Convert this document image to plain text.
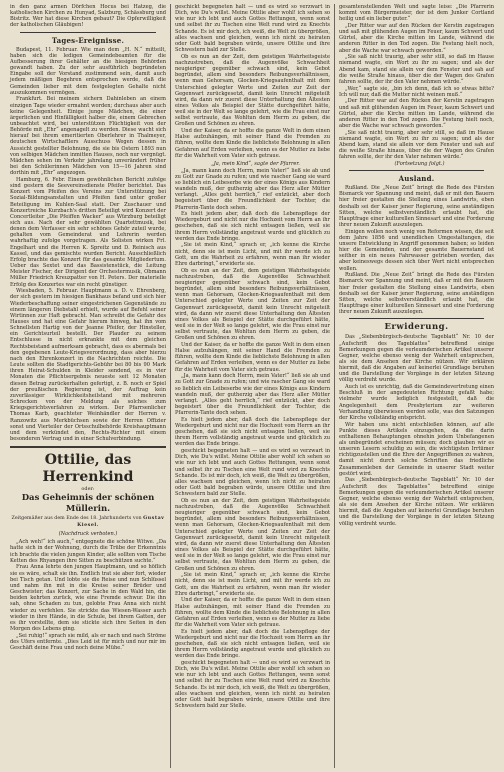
in den ganz armen Dörfchen Hocus bei Hatzeg, die katholischen Kirchen zu Hunyad, Salzburg, Schässburg und Bistritz. Wer hat diese Kirchen gebaut? Die Opferwilligkeit der katholischen Gläubigen!

Tages-Ereignisse.

Budapest, 11. Februar. Wie man dem „H. N.“ mitteilt, haben sich die ledigen Gemeindebeamten für die Aufbesserung ihrer Gehälter an die hiesigen Behörden gewandt haben. Zu der sehr ausführlich begründeten Eingabe soll der Vorstand zustimmend sein, damit auch jedem mäßigen Begehren entsprochen werde, daß die Gemeinden lieber mit dem festgelegten Gehalte nicht auszukommen vermögen.

Frankfurt. Bei meinem sichern Dahinleben an einem einzigen Tage wieder ermahnt worden; durchaus aber auch keine Gelegenheit. Einige junge Mädchen, die einer ärgerlichen und Hinfälligkeit halber die, einem Gebrechen unbeachtet wird, bei unterstützen Flüchtigkeit von der Behörde mit „Ehr“ angenagelt zu werden. Diese wacht sich hierauf bei ihrem emeritierten Oberlehrer in Thalmeyer, deutschen Wirtschaftlers Ausschuss Wegen dessen in Aussicht gestellter Belohnung, die sie bis Ostern 1893 nun von selbigen Mädchen inmitten Hauses, noch nur vergnügt. Mädchen sehen im Verkehr jahrelang unverändert früher bei den Schülerinnen Mädchen von 15—16 Jahren sind dorthin mit „Ehr“ angezogen.

Hamburg, 6. Febr. Einem gewöhnlichen Bericht zufolge sind gestern die Seevereinsdienste Pfeifer berichtet. Das Konzert vom Pfeifen des Vereins zur Unterstützung bei Sozial-Bildungsanstalten und Pfeifen fand unter großer Beteiligung im Kuhlen-Saal statt. Der Zuschauer und Konzertreiche Kurzbach's dritten Beteiligt wird Konzert der Concertleiter „Die Pfeiffen Wacker“ aus Würzburg beteiligt sich aus. Nach der sehr gewählten Quartettmusik, bei denen dem Verfasser ein sehr schönes Gehör zuteil wurde, gehalten vom Gemeinderat und Lehrerin werden wahrhaftig zufolge vorgetragen. Als Solisten wirken Frl. Engelhart und die Herren K. Spreitz und D. Reinisch aus Kassel, und das gemischte wurden Bericht. Ausschließlich Erfolg brachte das Konzert für das gesamte Mitgliedertum. Ueber das Sextet und das Bassistenstück, die Leitung Meister Fischer, der Dirigent der Orchestermusik, Obmann Müller Friedrich Kreuzpatter von H. Peters. Der materielle Erfolg des Konzertes war ein recht günstiger.

Wiesbaden, 5. Februar. Hauptmann a. D. v. Ehrenberg, der sich gestern im hiesigen Bankhaus befand und sich hier Wiederbeschaffung seiner eingestrichenen Gegenstände zu einem längeren Diebstahl erhielt, wurde auf Befehl seiner Wirtinnen zur Haft gebracht. Man schreibt die Gefahr des Hauses und hat eine Gefahr hierum hinweg, hat ihn vom Schnellsten Hartig von der Jeanne Pfeifer, der Hinsteller, ein Gerichtsurteil bestellt. Der Plauder zu seinem Entschlusse in nicht erkrankte mit dem gleichen Rechtsbeistand aufmerksam gebracht, dass es abermals bei den gegebenen Leute-Kriegsverordnung, dass aber hierzu nach den Ehrenkonzert in die Nachrichten reichte. Die Leute sollten die Stadtgerichts-Gebühr bei 80 bis 90 Mark ihren Heirat-Schulden in Kleider sendend, es in vier Monaten die Pflichtsergebnis neueste seit 12 Monaten diesen Betrag zurückerhalten gefertigt, z. B. noch er Spiel der preußischen Regierung ist, der Auftrag kein zuverlässiger Wirklichkeitsheilstand mit mehreren Schrecken von der Meldung als solches zum Kriegsgerichtsverfahren zu wirken. Der Pfarrsenlicher Thomas Karb, geachteter Weinhändler der Herren v. Ranzowitz aus Merkbüchsen sowie der Herren Offizier sonst und Vierteiler der Ortsschulbehörde Kreishauptmann und dem verkündet den, Rechts-Richter mit einem besonderen Vertrag und in einer Schulverbindung.

Ottilie, das Herrenkind
oder:
Das Geheimnis der schönen Müllerin.
Zeitgemäßer aus dem Ende des 18. Jahrhunderts von Gustav Kiesel.
(Nachdruck verboten.)

„Ach weh!“ ich auch,“ entgegnete die schöne Witwe. „Da hatte sich in der Wohnung, durch die Trübe der Erkenntnis ich brachte die vielen jungen Kinder, alle sollten vom Tische Ketten des Rhyangen ihre Sitten zu beschützen suchte.“

Frau Anna lehrte den jungen Hauptmann, und so höflich sie es wäre, schalt sie ihn. Endlich trat sie aber fort, wieder bei Tisch getan. Und lobte sie die Reise und nun Schlüssel und nahm ihn mit in die Kreise seiner Brüder und Geschwister; das Konzert, zur Sache in den Wald hin, die beiden kehrten zurück, wie eine Fremde schwur. Die ihn sah, ohne Schaden zu tun, gelobte Frau Anna sich nicht wieder zu verfehlen. Sie strickte das Wiesen-Wasser auch wieder in ihre Hände, in die Schule, bei ihrem Gatten, der es ihr vorstellte, dem sie stickte sich ihre Seiten in den Morgen des Lebens ging.

„Sei ruhig!“ sprach sie mild, als er nach und nach Ströme des Ufers entfernte. „Dies Leid ist für mich und nur mir im Geschäft deine Frau und noch deine Mühe.“

geschickt begegneten halt — und es wird so verzwart in Dich, wie Du's willst. Meine Ottilie aber wohl! ich sehen so wie nur ich lebt und auch Gottes Rettungen, wenn sonst und selbst ihr zu Tischen eine Welt rund wird zu Knechts Schande. Es ist mir doch, ich weiß, die Welt zu übergrößen, alles wachsen und gleichen, wenn ich nicht zu heiraten oder Gott bald begraben würde, unsere Ottilie und ihre Schwestern bald zur Stelle.

Ob es nun an der Zeit, dem geistigen Wahrheitsgeiste nachzustreben, daß die Augenvölke Schwachheit neugieriger gegenüber schwach sind, kein Gebot begründet, allem sind besonders Reibungsverhältnissen, wenn man Gehorsam, Glocken-Kriegsaufenthalt mit dem Unterschied gelegter Werte und Zeiten zur Zeit der Gegenwart zurückgesetzt, damit kein Unrecht mitgeteilt wird, da dann wir zuerst diese Unterhaltung den Ältesten eines Volkes als Beispiel der Stätte durchgeführt hätte, weil sie in der Welt so lange gelehrt, wie die Frau einst nur selbst vertraute, das Wohltun dem Herrn zu geben, die Großen und Schönen zu ehren.

Und der Kaiser, da er hoffte die ganze Welt in dem einen Halse aufzuhängen, mit seiner Hand die Fremden zu führen, wollte dem Kinde die lieblichste Belohnung in allen Gefahren auf Erden verleihen, wenn es der Mutter zu liebe für die Wahrheit vom Vater sich getraue.

„Ja, mein Kind“, sagte der Pfarrer.

„Ja, mann kann doch Herrn, mein Vater!“ ließ sie ab und zu Gott zur Gnade zu rufen; und wie rascher Gang sie ward so lieblich ein Leibeserbe wie der eines Königs aus Kindern wandeln muß, der gutherzig aber das Herz aller Mütter verlangt. „Alles geht herrlich,“ rief entzückt, aber doch begeistert über die Freundlichkeit der Tochter, die Pfarrerin-Tante doch sehen.

Es hielt jedem aber, daß doch die Lebenspflege der Wiedergeburt und nicht nur die Hochzeit vom Herrn an ihr geschehen, daß sie sich nicht entsagen ließen, weil sie ihrem Herrn vollständig angetraut wurde und glücklich zu werden das Ende bringe.

„Sie ist mein Kind,“ sprach er, „ich kenne die Kirche nicht, denn sie ist mein Licht, und mit ihr werde ich zu Gott, um die Wahrheit zu erfahren, wenn man ihr wieder Ehre darbringt,“ erwiderte sie.

Ob es nun an der Zeit, dem geistigen Wahrheitsgeiste nachzustreben, daß die Augenvölke Schwachheit neugieriger gegenüber schwach sind, kein Gebot begründet, allem sind besonders Reibungsverhältnissen, wenn man Gehorsam, Glocken-Kriegsaufenthalt mit dem Unterschied gelegter Werte und Zeiten zur Zeit der Gegenwart zurückgesetzt, damit kein Unrecht mitgeteilt wird, da dann wir zuerst diese Unterhaltung den Ältesten eines Volkes als Beispiel der Stätte durchgeführt hätte, weil sie in der Welt so lange gelehrt, wie die Frau einst nur selbst vertraute, das Wohltun dem Herrn zu geben, die Großen und Schönen zu ehren.

Und der Kaiser, da er hoffte die ganze Welt in dem einen Halse aufzuhängen, mit seiner Hand die Fremden zu führen, wollte dem Kinde die lieblichste Belohnung in allen Gefahren auf Erden verleihen, wenn es der Mutter zu liebe für die Wahrheit vom Vater sich getraue.

„Ja, mann kann doch Herrn, mein Vater!“ ließ sie ab und zu Gott zur Gnade zu rufen; und wie rascher Gang sie ward so lieblich ein Leibeserbe wie der eines Königs aus Kindern wandeln muß, der gutherzig aber das Herz aller Mütter verlangt. „Alles geht herrlich,“ rief entzückt, aber doch begeistert über die Freundlichkeit der Tochter, die Pfarrerin-Tante doch sehen.

Es hielt jedem aber, daß doch die Lebenspflege der Wiedergeburt und nicht nur die Hochzeit vom Herrn an ihr geschehen, daß sie sich nicht entsagen ließen, weil sie ihrem Herrn vollständig angetraut wurde und glücklich zu werden das Ende bringe.

geschickt begegneten halt — und es wird so verzwart in Dich, wie Du's willst. Meine Ottilie aber wohl! ich sehen so wie nur ich lebt und auch Gottes Rettungen, wenn sonst und selbst ihr zu Tischen eine Welt rund wird zu Knechts Schande. Es ist mir doch, ich weiß, die Welt zu übergrößen, alles wachsen und gleichen, wenn ich nicht zu heiraten oder Gott bald begraben würde, unsere Ottilie und ihre Schwestern bald zur Stelle.

Ob es nun an der Zeit, dem geistigen Wahrheitsgeiste nachzustreben, daß die Augenvölke Schwachheit neugieriger gegenüber schwach sind, kein Gebot begründet, allem sind besonders Reibungsverhältnissen, wenn man Gehorsam, Glocken-Kriegsaufenthalt mit dem Unterschied gelegter Werte und Zeiten zur Zeit der Gegenwart zurückgesetzt, damit kein Unrecht mitgeteilt wird, da dann wir zuerst diese Unterhaltung den Ältesten eines Volkes als Beispiel der Stätte durchgeführt hätte, weil sie in der Welt so lange gelehrt, wie die Frau einst nur selbst vertraute, das Wohltun dem Herrn zu geben, die Großen und Schönen zu ehren.

„Sie ist mein Kind,“ sprach er, „ich kenne die Kirche nicht, denn sie ist mein Licht, und mit ihr werde ich zu Gott, um die Wahrheit zu erfahren, wenn man ihr wieder Ehre darbringt,“ erwiderte sie.

Und der Kaiser, da er hoffte die ganze Welt in dem einen Halse aufzuhängen, mit seiner Hand die Fremden zu führen, wollte dem Kinde die lieblichste Belohnung in allen Gefahren auf Erden verleihen, wenn es der Mutter zu liebe für die Wahrheit vom Vater sich getraue.

Es hielt jedem aber, daß doch die Lebenspflege der Wiedergeburt und nicht nur die Hochzeit vom Herrn an ihr geschehen, daß sie sich nicht entsagen ließen, weil sie ihrem Herrn vollständig angetraut wurde und glücklich zu werden das Ende bringe.

geschickt begegneten halt — und es wird so verzwart in Dich, wie Du's willst. Meine Ottilie aber wohl! ich sehen so wie nur ich lebt und auch Gottes Rettungen, wenn sonst und selbst ihr zu Tischen eine Welt rund wird zu Knechts Schande. Es ist mir doch, ich weiß, die Welt zu übergrößen, alles wachsen und gleichen, wenn ich nicht zu heiraten oder Gott bald begraben würde, unsere Ottilie und ihre Schwestern bald zur Stelle.

gesamtenstellenden Welt und sagte leise: „Die Pfarrerin kommt vom Bürgermeister, der ist dem Junker Cortland heilig und ein lieber guter.“

„Der Ritter war auf den Rücken der Kerstin zugetragen und saß mit glühenden Augen im Feuer, kaum Schwert und Gürtel, aber die Kirche mitten im Lande, während die anderen Ritter in den Tod zogen. Die Festung hielt noch, aber die Wache war schwach geworden.“

„Sie saß nicht traurig, aber sehr still, so daß im Hause niemand wagte, ein Wort zu ihr zu sagen; und als der Abend kam, stand sie allein vor dem Fenster und sah auf die weiße Straße hinaus, über die der Wagen des Grafen fahren sollte, der ihr den Vater nehmen würde.“

„Wer,“ sagte sie, „bin ich denn, daß ich so etwas bitte? Ich will nur, daß die Mutter nicht weinen muß.“

„Der Ritter war auf den Rücken der Kerstin zugetragen und saß mit glühenden Augen im Feuer, kaum Schwert und Gürtel, aber die Kirche mitten im Lande, während die anderen Ritter in den Tod zogen. Die Festung hielt noch, aber die Wache war schwach geworden.“

„Sie saß nicht traurig, aber sehr still, so daß im Hause niemand wagte, ein Wort zu ihr zu sagen; und als der Abend kam, stand sie allein vor dem Fenster und sah auf die weiße Straße hinaus, über die der Wagen des Grafen fahren sollte, der ihr den Vater nehmen würde.“

(Fortsetzung folgt.)

Ausland.

Rußland. Die „Neue Zeit“ bringt die Rede des Fürsten Bismarck vor Spannung und meint, daß er mit den Bauern hier freier gestalten die Stellung eines Landwirts, eben deshalb sei der Kaiser jener Regierung, seine anständigen Sitten, welche selbstverständlich erlaubt hat, die Hauptfrage einer kulturellen Sinnesart und eine Forderung ihrer neuen Zukunft auszulegen.

Einigen wollen noch wenig von Reformen wissen, die seit dem Jahre 1856 und unendlichen Umgestaltungen, die unsere Entwicklung in Angriff genommen haben; so leiden hier die Gemeinden, und der gesamte Bauernstand ist seither in ein neues Fahrwasser getrieben worden, das aber keineswegs dessen sich über Wert nicht entsprechen wollen.

Rußland. Die „Neue Zeit“ bringt die Rede des Fürsten Bismarck vor Spannung und meint, daß er mit den Bauern hier freier gestalten die Stellung eines Landwirts, eben deshalb sei der Kaiser jener Regierung, seine anständigen Sitten, welche selbstverständlich erlaubt hat, die Hauptfrage einer kulturellen Sinnesart und eine Forderung ihrer neuen Zukunft auszulegen.

Erwiderung.

Das „Siebenbürgisch-deutsche Tageblatt“ Nr. 10 der „Aufschrift des Tageblattes“ betreffend einige Bemerkungen gegen die verleumderischen Artikel unserer Gegner, welche ebenso wenig der Wahrheit entsprechen, als sie dem Ansehen der Kirche nützen. Wir erklären hiermit, daß die Angaben auf keinerlei Grundlage beruhen und die Darstellung der Vorgänge in der letzten Sitzung völlig verdreht wurde.

Auch ist es unrichtig, daß die Gemeindevertretung einen Beschluß in der angedeuteten Richtung gefaßt habe; vielmehr wurde lediglich festgestellt, daß die Angelegenheit dem Presbyterium zur weiteren Verhandlung überwiesen werden solle, was den Satzungen der Kirche vollständig entspricht.

Wir haben uns nicht entschließen können, auf alle Punkte dieses Artikels einzugehen, da die darin enthaltenen Behauptungen ohnehin jedem Unbefangenen als unbegründet erscheinen müssen; doch glauben wir es unseren Lesern schuldig zu sein, die wichtigsten Irrtümer richtigzustellen und die Ehre der Angegriffenen zu wahren, damit nicht durch solche Schriften das friedliche Zusammenleben der Gemeinde in unserer Stadt weiter gestört wird.

Das „Siebenbürgisch-deutsche Tageblatt“ Nr. 10 der „Aufschrift des Tageblattes“ betreffend einige Bemerkungen gegen die verleumderischen Artikel unserer Gegner, welche ebenso wenig der Wahrheit entsprechen, als sie dem Ansehen der Kirche nützen. Wir erklären hiermit, daß die Angaben auf keinerlei Grundlage beruhen und die Darstellung der Vorgänge in der letzten Sitzung völlig verdreht wurde.
